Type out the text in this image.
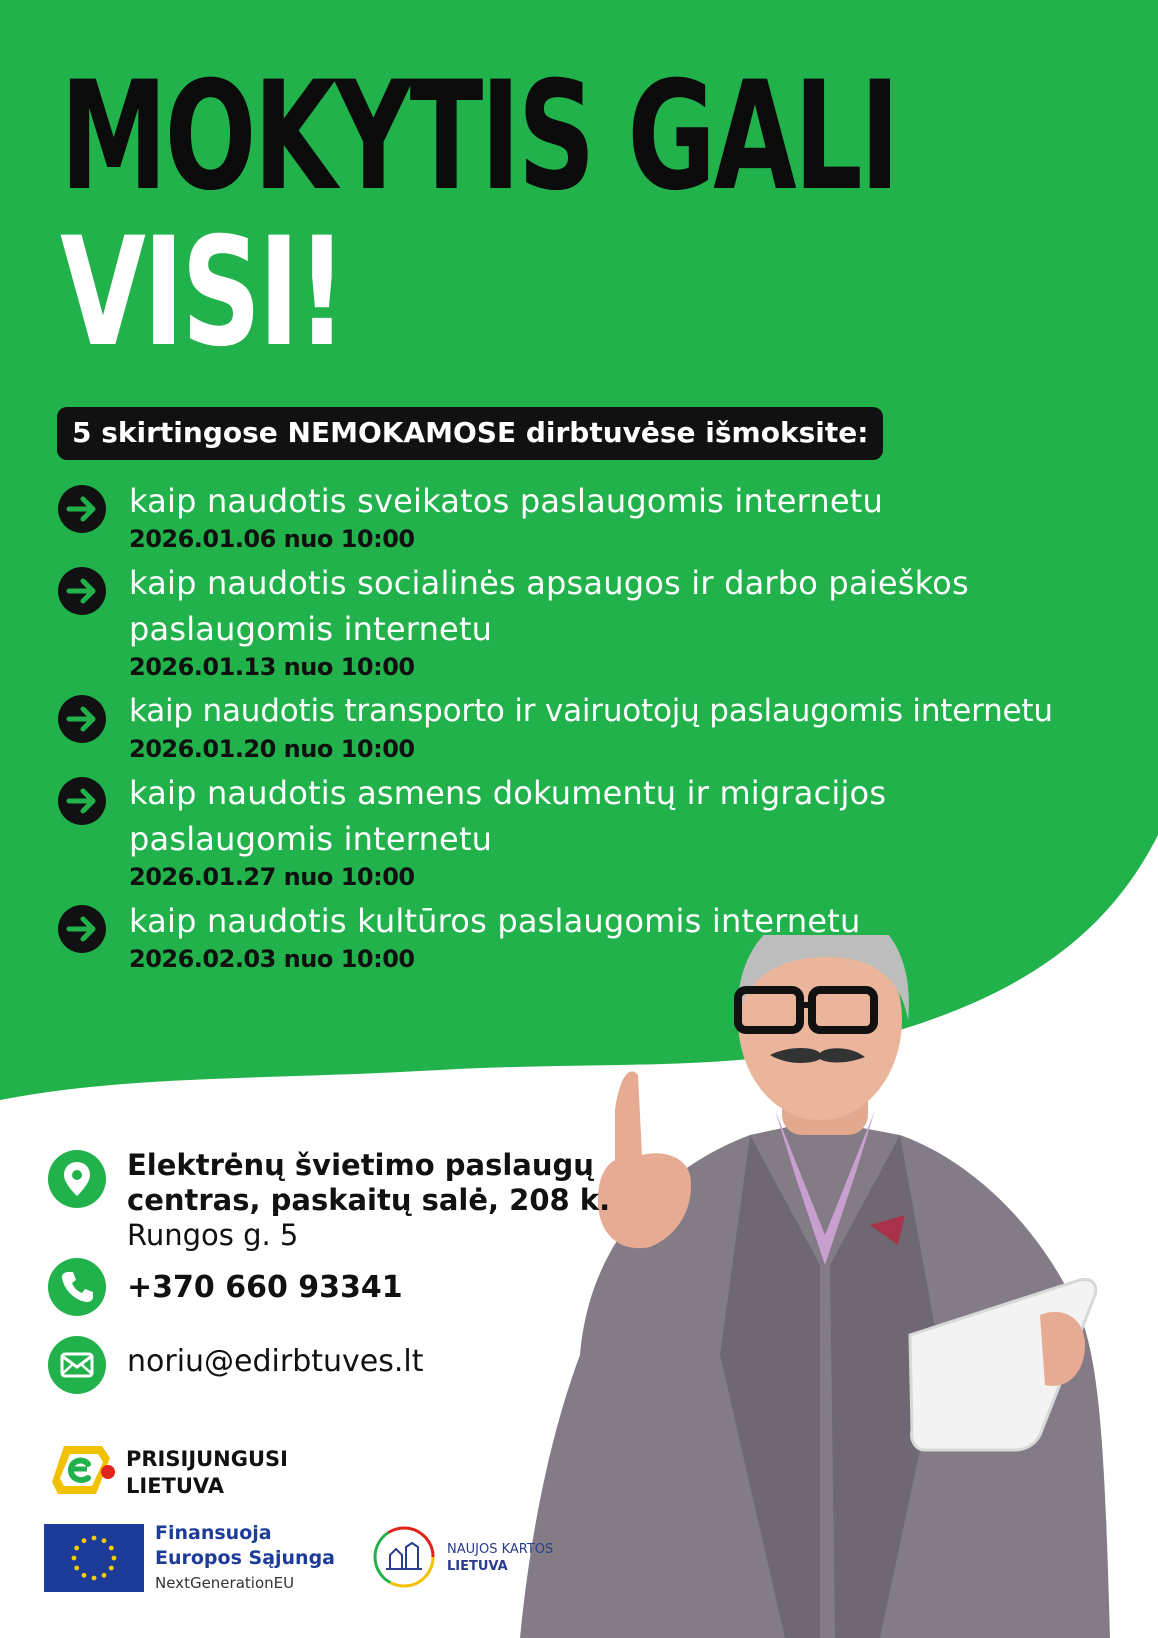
MOKYTIS GALI
VISI!
5 skirtingose NEMOKAMOSE dirbtuvėse išmoksite:
kaip naudotis sveikatos paslaugomis internetu
2026.01.06 nuo 10:00
kaip naudotis socialinės apsaugos ir darbo paieškos paslaugomis internetu
2026.01.13 nuo 10:00
kaip naudotis transporto ir vairuotojų paslaugomis internetu
2026.01.20 nuo 10:00
kaip naudotis asmens dokumentų ir migracijos paslaugomis internetu
2026.01.27 nuo 10:00
kaip naudotis kultūros paslaugomis internetu
2026.02.03 nuo 10:00
Elektrėnų švietimo paslaugų
centras, paskaitų salė, 208 k.
Rungos g. 5
+370 660 93341
noriu@edirbtuves.lt
PRISIJUNGUSI
LIETUVA
Finansuoja
Europos Sąjunga
NextGenerationEU
NAUJOS KARTOS
LIETUVA
